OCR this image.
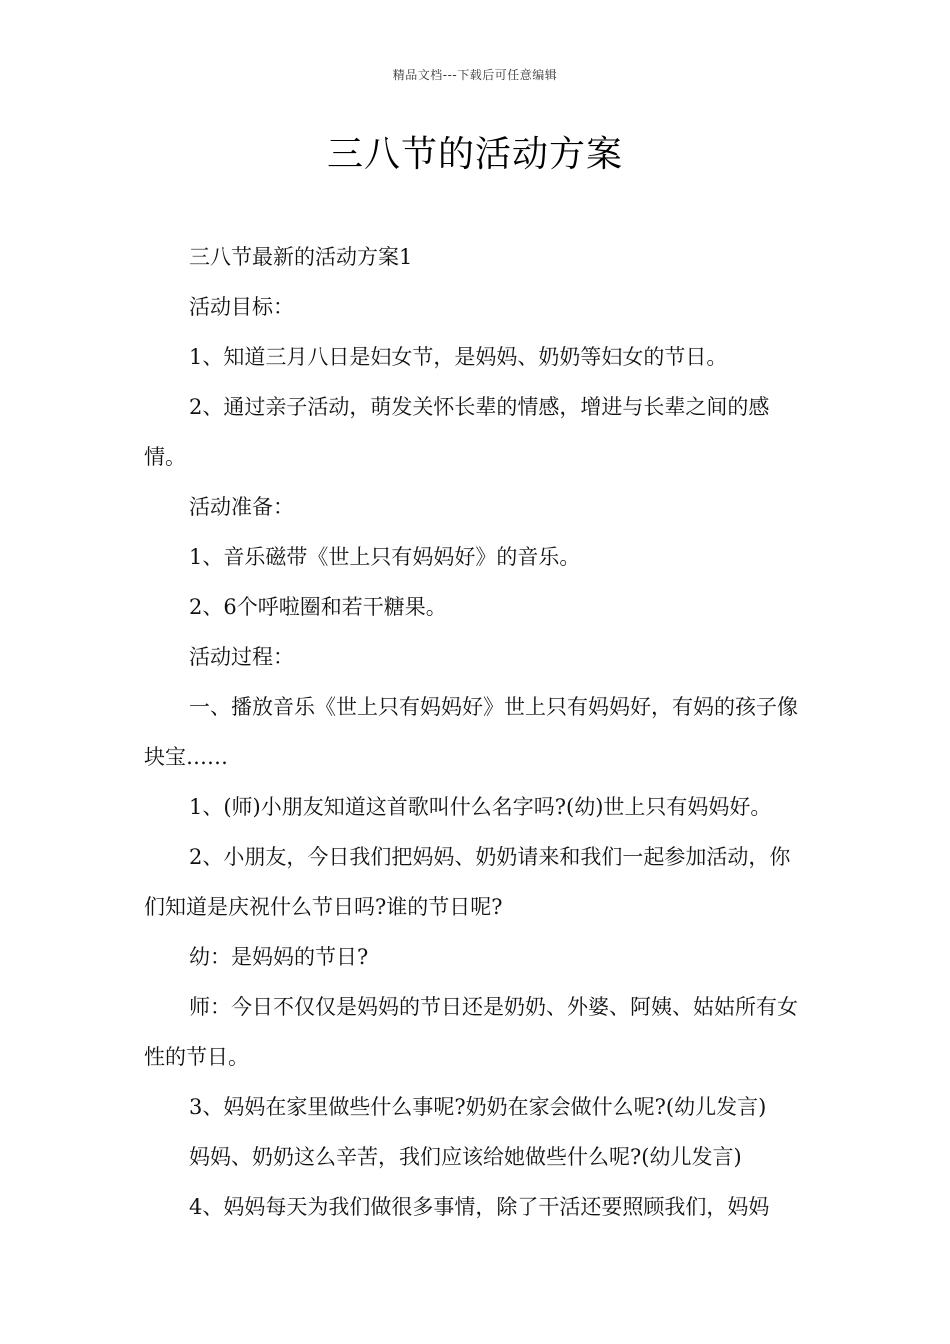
精品文档---下载后可任意编辑
三八节的活动方案

三八节最新的活动方案1

活动目标：

1、知道三月八日是妇女节，是妈妈、奶奶等妇女的节日。

2、通过亲子活动，萌发关怀长辈的情感，增进与长辈之间的感情。

活动准备：

1、音乐磁带《世上只有妈妈好》的音乐。

2、6个呼啦圈和若干糖果。

活动过程：

一、播放音乐《世上只有妈妈好》世上只有妈妈好，有妈的孩子像块宝……

1、(师)小朋友知道这首歌叫什么名字吗?(幼)世上只有妈妈好。

2、小朋友，今日我们把妈妈、奶奶请来和我们一起参加活动，你们知道是庆祝什么节日吗?谁的节日呢?

幼：是妈妈的节日?

师：今日不仅仅是妈妈的节日还是奶奶、外婆、阿姨、姑姑所有女性的节日。

3、妈妈在家里做些什么事呢?奶奶在家会做什么呢?(幼儿发言)

妈妈、奶奶这么辛苦，我们应该给她做些什么呢?(幼儿发言)

4、妈妈每天为我们做很多事情，除了干活还要照顾我们，妈妈
